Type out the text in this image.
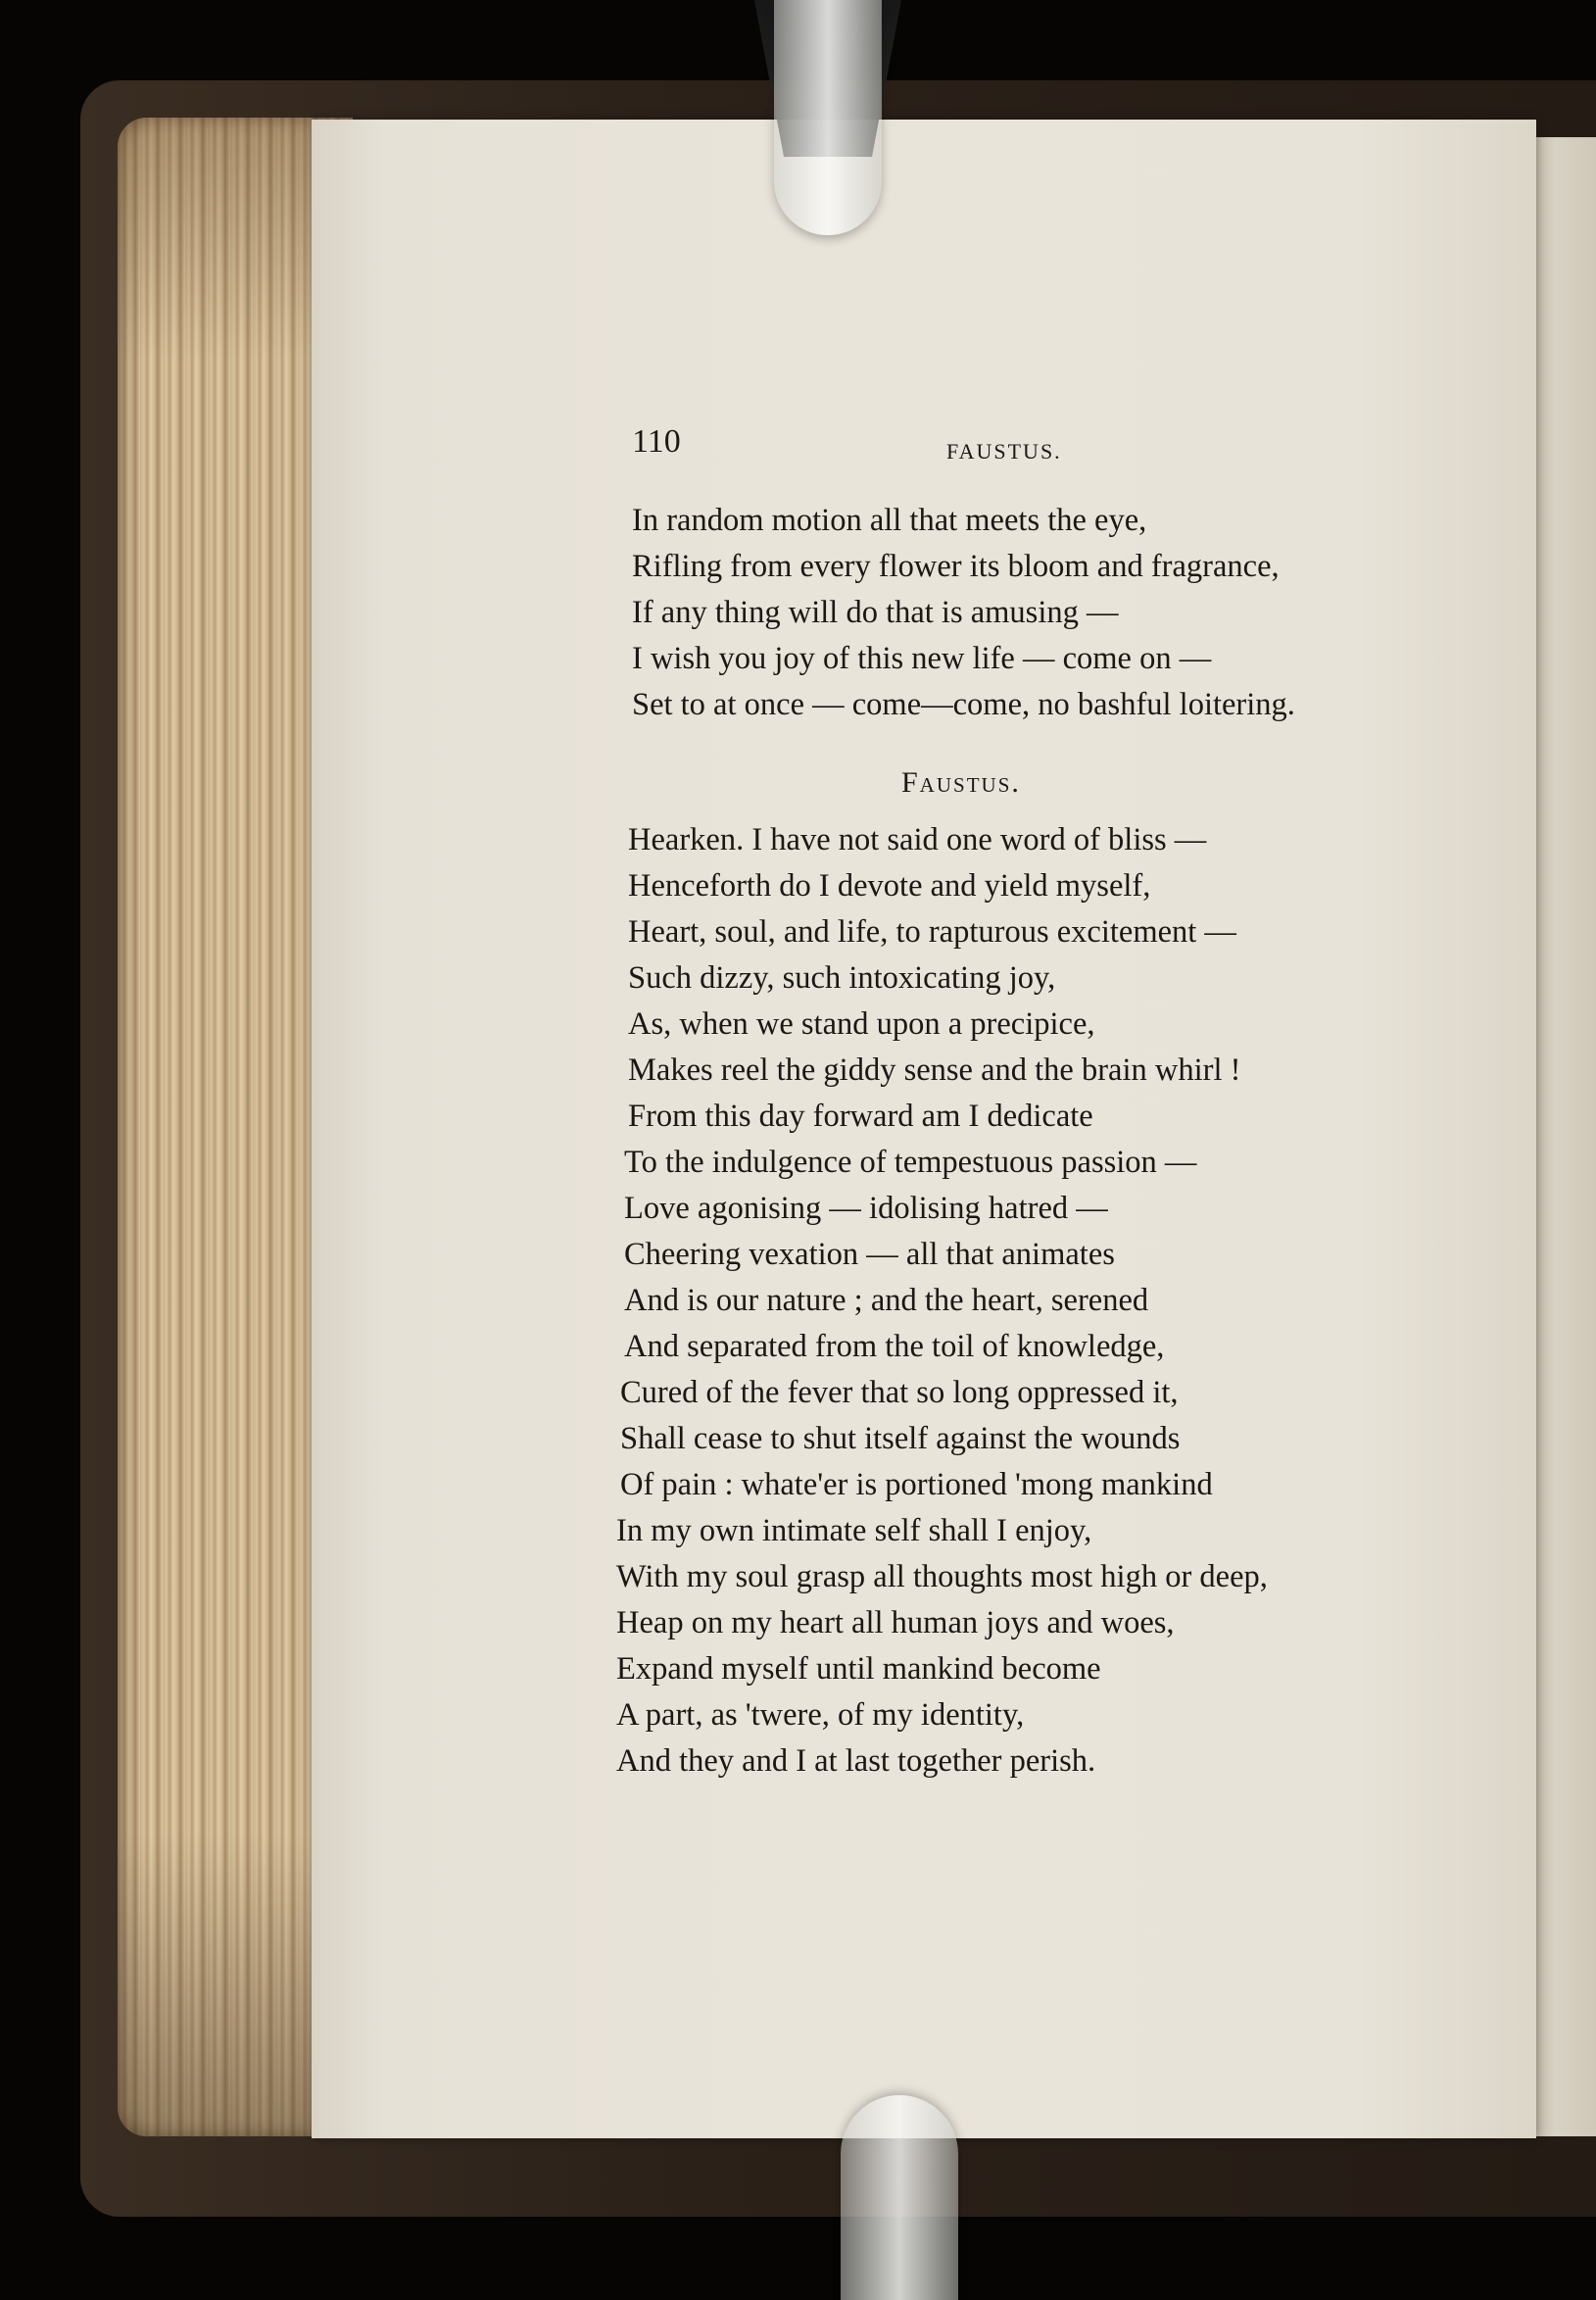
110	FAUSTUS.
In random motion all that meets the eye,
Rifling from every flower its bloom and fragrance,
If any thing will do that is amusing —
I wish you joy of this new life — come on —
Set to at once — come—come, no bashful loitering.
Faustus.
Hearken. I have not said one word of bliss —
Henceforth do I devote and yield myself,
Heart, soul, and life, to rapturous excitement —
Such dizzy, such intoxicating joy,
As, when we stand upon a precipice,
Makes reel the giddy sense and the brain whirl !
From this day forward am I dedicate
To the indulgence of tempestuous passion —
Love agonising — idolising hatred —
Cheering vexation — all that animates
And is our nature ; and the heart, serened
And separated from the toil of knowledge,
Cured of the fever that so long oppressed it,
Shall cease to shut itself against the wounds
Of pain : whate'er is portioned 'mong mankind
In my own intimate self shall I enjoy,
With my soul grasp all thoughts most high or deep,
Heap on my heart all human joys and woes,
Expand myself until mankind become
A part, as 'twere, of my identity,
And they and I at last together perish.
